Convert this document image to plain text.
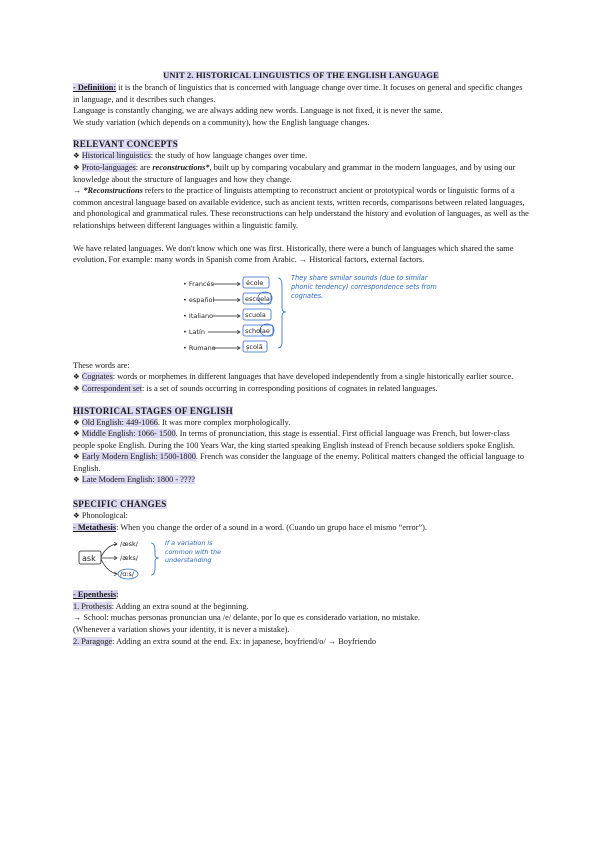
UNIT 2. HISTORICAL LINGUISTICS OF THE ENGLISH LANGUAGE

- Definition: it is the branch of linguistics that is concerned with language change over time. It focuses on general and specific changes in language, and it describes such changes.

Language is constantly changing, we are always adding new words. Language is not fixed, it is never the same.

We study variation (which depends on a community), how the English language changes.

RELEVANT CONCEPTS

❖ Historical linguistics: the study of how language changes over time.

❖ Proto-languages: are reconstructions*, built up by comparing vocabulary and grammar in the modern languages, and by using our knowledge about the structure of languages and how they change.

→ *Reconstructions refers to the practice of linguists attempting to reconstruct ancient or prototypical words or linguistic forms of a common ancestral language based on available evidence, such as ancient texts, written records, comparisons between related languages, and phonological and grammatical rules. These reconstructions can help understand the history and evolution of languages, as well as the relationships between different languages within a linguistic family.

We have related languages. We don't know which one was first. Historically, there were a bunch of languages which shared the same evolution. For example: many words in Spanish come from Arabic. → Historical factors, external factors.

• Francés
• español
• Italiano
• Latín
• Rumano
école
escuela
scuola
scholae
școlă
They share similar sounds (due to similar phonic tendency) correspondence sets from cognates.

These words are:

❖ Cognates: words or morphemes in different languages that have developed independently from a single historically earlier source.

❖ Correspondent set: is a set of sounds occurring in corresponding positions of cognates in related languages.

HISTORICAL STAGES OF ENGLISH

❖ Old English: 449-1066. It was more complex morphologically.

❖ Middle English: 1066- 1500. In terms of pronunciation, this stage is essential. First official language was French, but lower-class people spoke English. During the 100 Years War, the king started speaking English instead of French because soldiers spoke English.

❖ Early Modern English: 1500-1800. French was consider the language of the enemy. Political matters changed the official language to English.

❖ Late Modern English: 1800 - ????

SPECIFIC CHANGES

❖ Phonological:

- Metathesis: When you change the order of a sound in a word. (Cuando un grupo hace el mismo “error”).

ask
/æsk/
/æks/
/ɑːs/
If a variation is common with the understanding

- Epenthesis:

1. Prothesis: Adding an extra sound at the beginning.

→ School: muchas personas pronuncian una /e/ delante, por lo que es considerado variation, no mistake.

(Whenever a variation shows your identity, it is never a mistake).

2. Paragoge: Adding an extra sound at the end. Ex: in japanese, boyfriend/o/ → Boyfriendo
